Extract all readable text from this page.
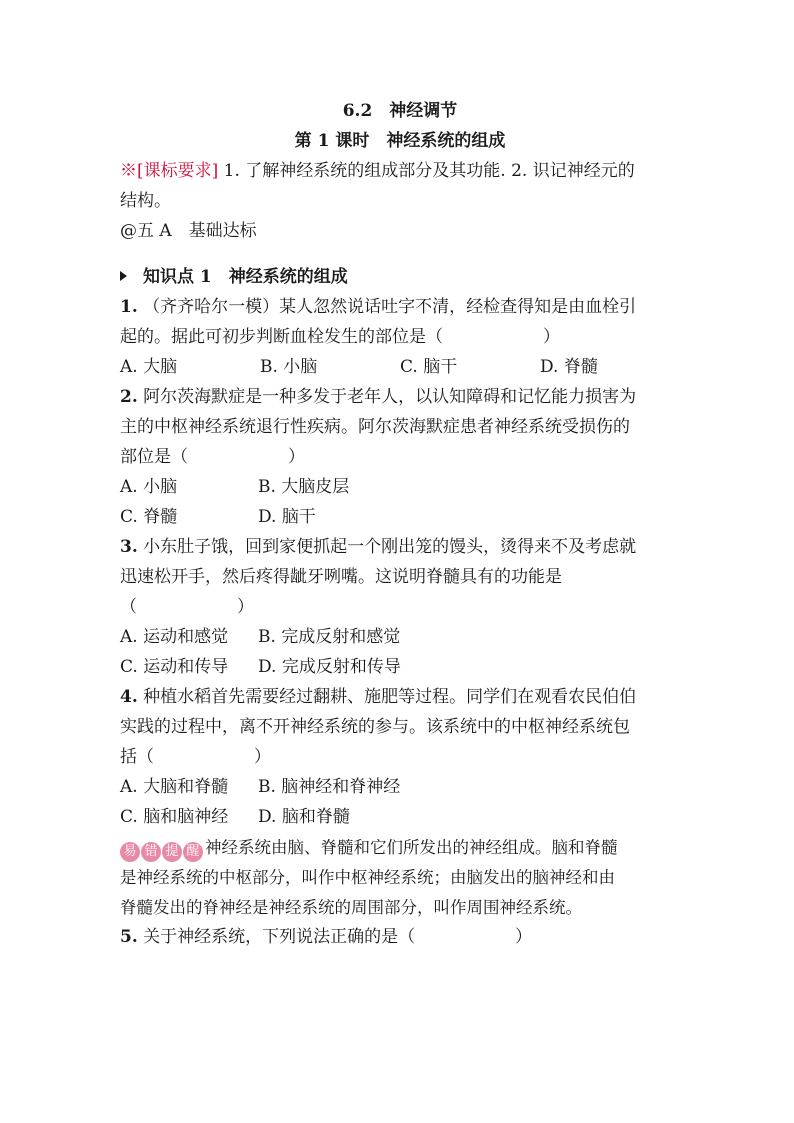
6.2　神经调节
第 1 课时　神经系统的组成
※[课标要求] 1. 了解神经系统的组成部分及其功能. 2. 识记神经元的
结构。
@五 A　基础达标
知识点 1　神经系统的组成
1. （齐齐哈尔一模）某人忽然说话吐字不清，经检查得知是由血栓引
起的。据此可初步判断血栓发生的部位是（	）
A. 大脑	B. 小脑	C. 脑干	D. 脊髓
2. 阿尔茨海默症是一种多发于老年人，以认知障碍和记忆能力损害为
主的中枢神经系统退行性疾病。阿尔茨海默症患者神经系统受损伤的
部位是（	）
A. 小脑	B. 大脑皮层
C. 脊髓	D. 脑干
3. 小东肚子饿，回到家便抓起一个刚出笼的馒头，烫得来不及考虑就
迅速松开手，然后疼得龇牙咧嘴。这说明脊髓具有的功能是
（	）
A. 运动和感觉 B. 完成反射和感觉
C. 运动和传导 D. 完成反射和传导
4. 种植水稻首先需要经过翻耕、施肥等过程。同学们在观看农民伯伯
实践的过程中，离不开神经系统的参与。该系统中的中枢神经系统包
括（	）
A. 大脑和脊髓 B. 脑神经和脊神经
C. 脑和脑神经 D. 脑和脊髓
易 错 提 醒 神经系统由脑、脊髓和它们所发出的神经组成。脑和脊髓
是神经系统的中枢部分，叫作中枢神经系统；由脑发出的脑神经和由
脊髓发出的脊神经是神经系统的周围部分，叫作周围神经系统。
5. 关于神经系统，下列说法正确的是（	）
